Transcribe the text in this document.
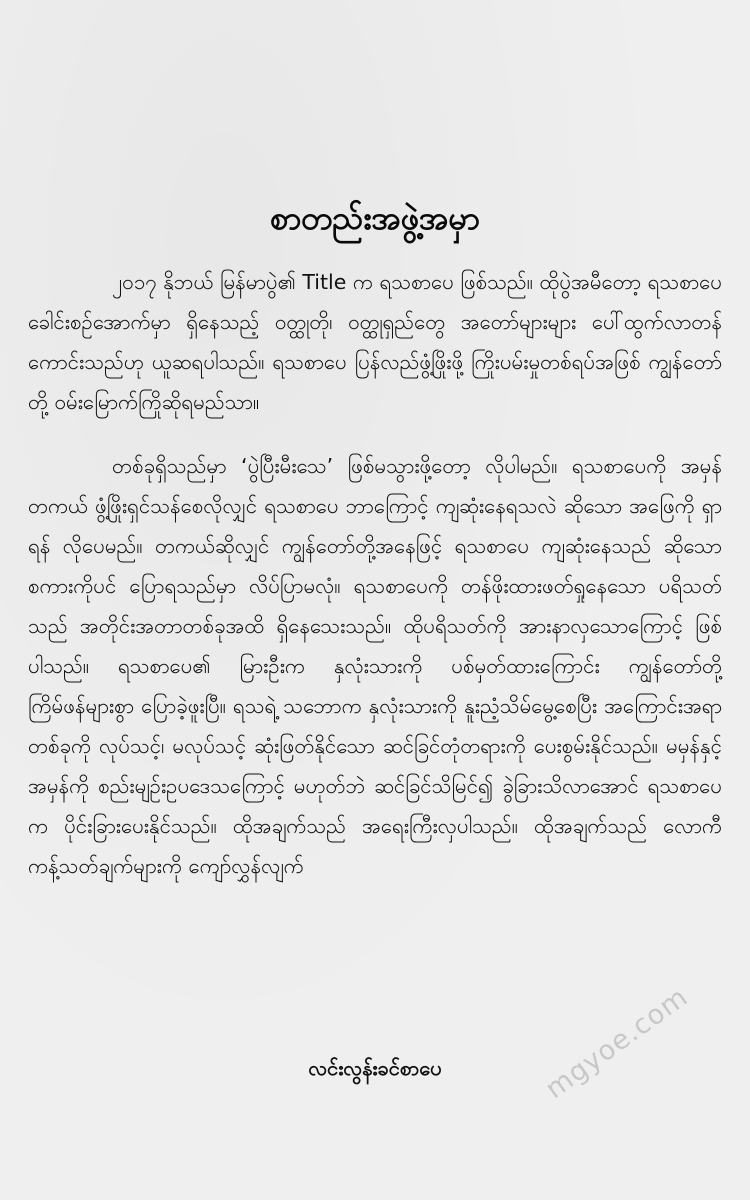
စာတည်းအဖွဲ့အမှာ

၂၀၁၇ နိုဘယ် မြန်မာပွဲ၏ Title က ရသစာပေ ဖြစ်သည်။ ထိုပွဲအမီတော့ ရသစာပေခေါင်းစဉ်အောက်မှာ ရှိနေသည့် ဝတ္ထုတို၊ ဝတ္ထုရှည်တွေ အတော်များများ ပေါ်ထွက်လာတန်ကောင်းသည်ဟု ယူဆရပါသည်။ ရသစာပေ ပြန်လည်ဖွံ့ဖြိုးဖို့ ကြိုးပမ်းမှုတစ်ရပ်အဖြစ် ကျွန်တော်တို့ ဝမ်းမြောက်ကြိုဆိုရမည်သာ။

တစ်ခုရှိသည်မှာ ‘ပွဲပြီးမီးသေ’ ဖြစ်မသွားဖို့တော့ လိုပါမည်။ ရသစာပေကို အမှန်တကယ် ဖွံ့ဖြိုးရှင်သန်စေလိုလျှင် ရသစာပေ ဘာကြောင့် ကျဆုံးနေရသလဲ ဆိုသော အဖြေကို ရှာရန် လိုပေမည်။ တကယ်ဆိုလျှင် ကျွန်တော်တို့အနေဖြင့် ရသစာပေ ကျဆုံးနေသည် ဆိုသောစကားကိုပင် ပြောရသည်မှာ လိပ်ပြာမလုံ။ ရသစာပေကို တန်ဖိုးထားဖတ်ရှုနေသော ပရိသတ်သည် အတိုင်းအတာတစ်ခုအထိ ရှိနေသေးသည်။ ထိုပရိသတ်ကို အားနာလှသောကြောင့် ဖြစ်ပါသည်။ ရသစာပေ၏ မြားဦးက နှလုံးသားကို ပစ်မှတ်ထားကြောင်း ကျွန်တော်တို့ ကြိမ်ဖန်များစွာ ပြောခဲ့ဖူးပြီ။ ရသရဲ့ သဘောက နှလုံးသားကို နူးညံ့သိမ်မွေ့စေပြီး အကြောင်းအရာတစ်ခုကို လုပ်သင့်၊ မလုပ်သင့် ဆုံးဖြတ်နိုင်သော ဆင်ခြင်တုံတရားကို ပေးစွမ်းနိုင်သည်။ မမှန်နှင့်အမှန်ကို စည်းမျဉ်းဥပဒေသကြောင့် မဟုတ်ဘဲ ဆင်ခြင်သိမြင်၍ ခွဲခြားသိလာအောင် ရသစာပေက ပိုင်းခြားပေးနိုင်သည်။ ထိုအချက်သည် အရေးကြီးလှပါသည်။ ထိုအချက်သည် လောကီ ကန့်သတ်ချက်များကို ကျော်လွှန်လျက်

လင်းလွန်းခင်စာပေ	mgyoe.com
